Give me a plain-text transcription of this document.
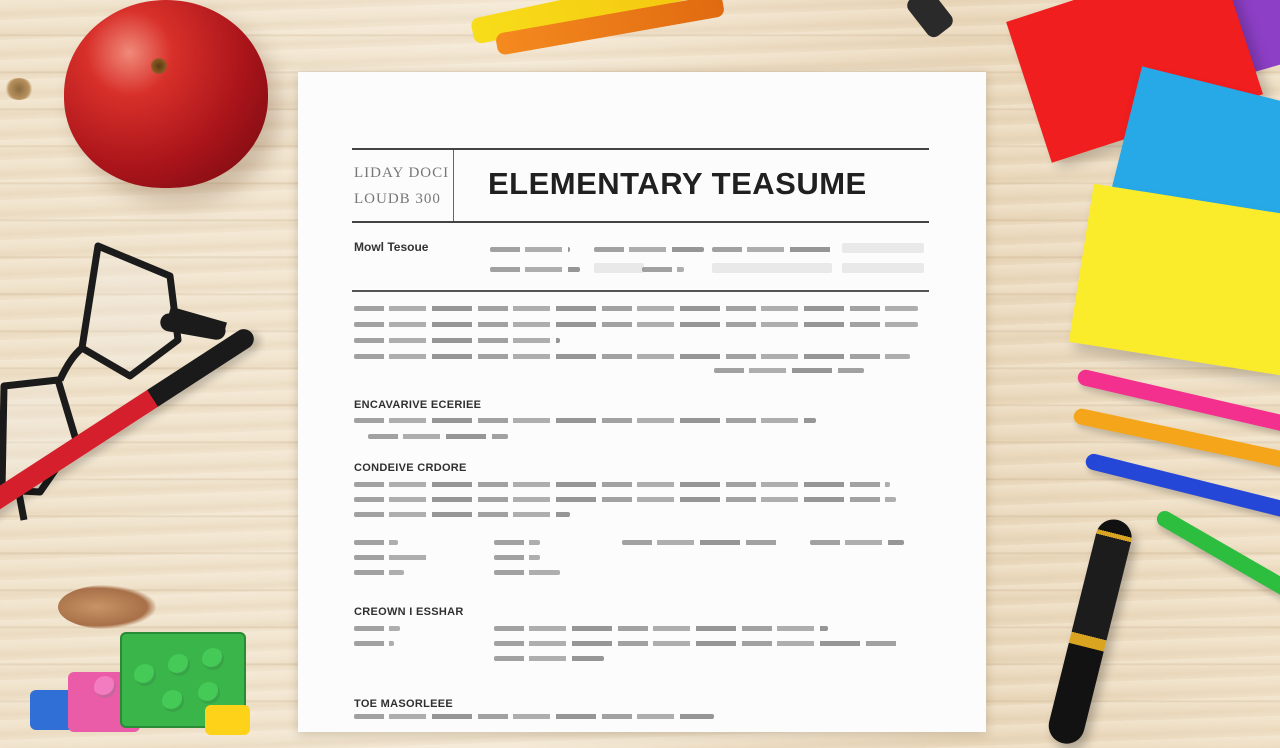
LIDAY DOCI
LOUDB 300 ELEMENTARY TEASUME
Mowl Tesoue
ENCAVARIVE ECERIEE
CONDEIVE CRDORE
CREOWN I ESSHAR
TOE MASORLEEE
